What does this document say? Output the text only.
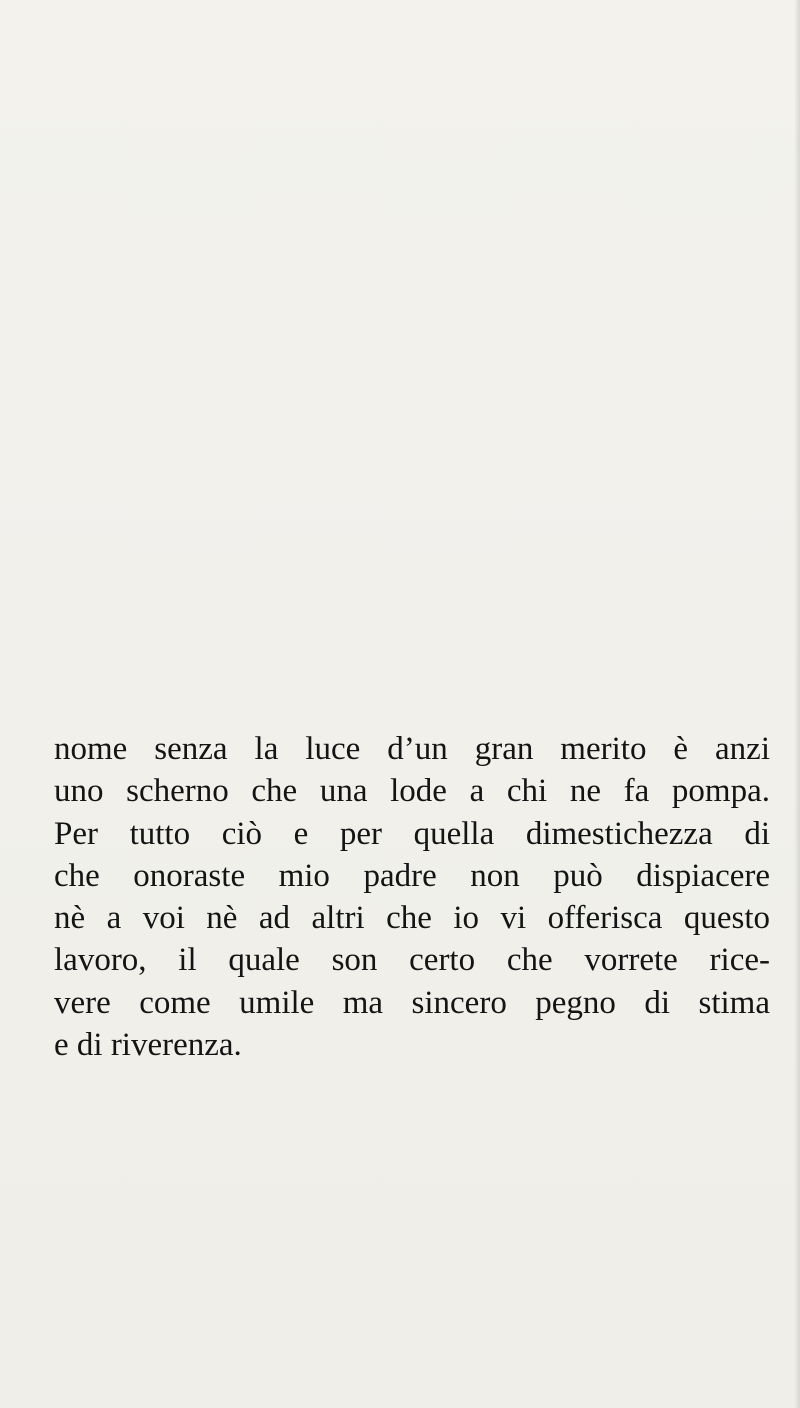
nome senza la luce d’un gran merito è anzi
uno scherno che una lode a chi ne fa pompa.
Per tutto ciò e per quella dimestichezza di
che onoraste mio padre non può dispiacere
nè a voi nè ad altri che io vi offerisca questo
lavoro, il quale son certo che vorrete rice-
vere come umile ma sincero pegno di stima
e di riverenza.
